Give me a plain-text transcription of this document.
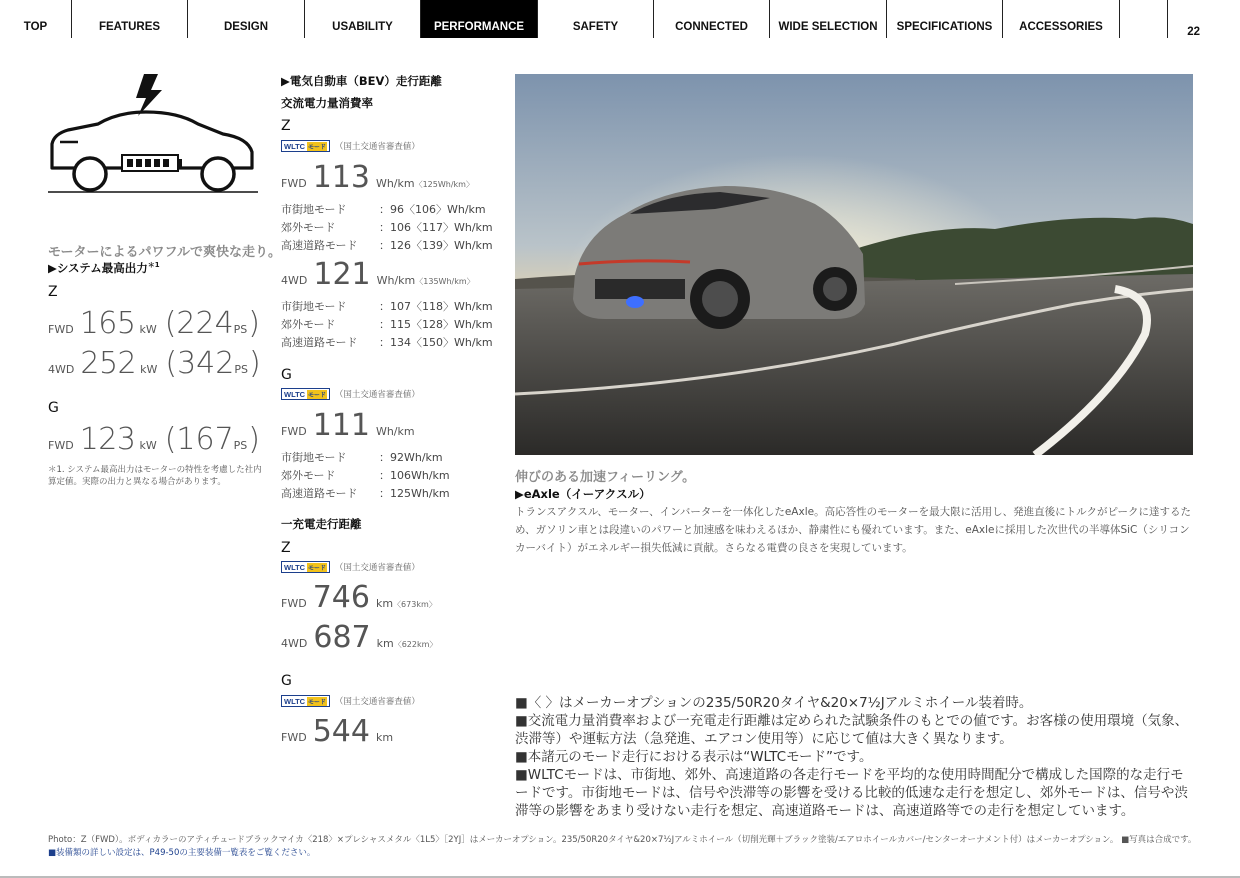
TOP	FEATURES	DESIGN	USABILITY	PERFORMANCE	SAFETY	CONNECTED	WIDE SELECTION	SPECIFICATIONS	ACCESSORIES	22
モーターによるパワフルで爽快な走り。
▶システム最高出力$^{*1}$
Z
FWD 165 kW (224 PS )
4WD 252 kW (342 PS )
G
FWD 123 kW (167 PS )
＊1. システム最高出力はモーターの特性を考慮した社内算定値。実際の出力と異なる場合があります。
▶電気自動車（BEV）走行距離
交流電力量消費率
Z
WLTC モード （国土交通省審査値）
FWD 113 Wh/km 〈125Wh/km〉
市街地モード	：96〈106〉Wh/km
郊外モード	：106〈117〉Wh/km
高速道路モード ：126〈139〉Wh/km
4WD 121 Wh/km 〈135Wh/km〉
市街地モード	：107〈118〉Wh/km
郊外モード	：115〈128〉Wh/km
高速道路モード ：134〈150〉Wh/km
G
WLTC モード （国土交通省審査値）
FWD 111 Wh/km
市街地モード	：92Wh/km
郊外モード	：106Wh/km
高速道路モード ：125Wh/km
一充電走行距離
Z
WLTC モード （国土交通省審査値）
FWD 746 km 〈673km〉
4WD 687 km 〈622km〉
G
WLTC モード （国土交通省審査値）
FWD 544 km
伸びのある加速フィーリング。
▶eAxle（イーアクスル）
トランスアクスル、モーター、インバーターを一体化したeAxle。高応答性のモーターを最大限に活用し、発進直後にトルクがピークに達するため、ガソリン車とは段違いのパワーと加速感を味わえるほか、静粛性にも優れています。また、eAxleに採用した次世代の半導体SiC（シリコンカーバイト）がエネルギー損失低減に貢献。さらなる電費の良さを実現しています。

■〈 〉はメーカーオプションの235/50R20タイヤ&20×7½Jアルミホイール装着時。

■交流電力量消費率および一充電走行距離は定められた試験条件のもとでの値です。お客様の使用環境（気象、渋滞等）や運転方法（急発進、エアコン使用等）に応じて値は大きく異なります。

■本諸元のモード走行における表示は“WLTCモード”です。

■WLTCモードは、市街地、郊外、高速道路の各走行モードを平均的な使用時間配分で構成した国際的な走行モードです。市街地モードは、信号や渋滞等の影響を受ける比較的低速な走行を想定し、郊外モードは、信号や渋滞等の影響をあまり受けない走行を想定、高速道路モードは、高速道路等での走行を想定しています。

Photo：Z（FWD）。ボディカラーのアティチュードブラックマイカ〈218〉×プレシャスメタル〈1L5〉［2YJ］はメーカーオプション。235/50R20タイヤ&20×7½Jアルミホイール（切削光輝＋ブラック塗装/エアロホイールカバー/センターオーナメント付）はメーカーオプション。 ■写真は合成です。　■装備類の詳しい設定は、P49-50の主要装備一覧表をご覧ください。
